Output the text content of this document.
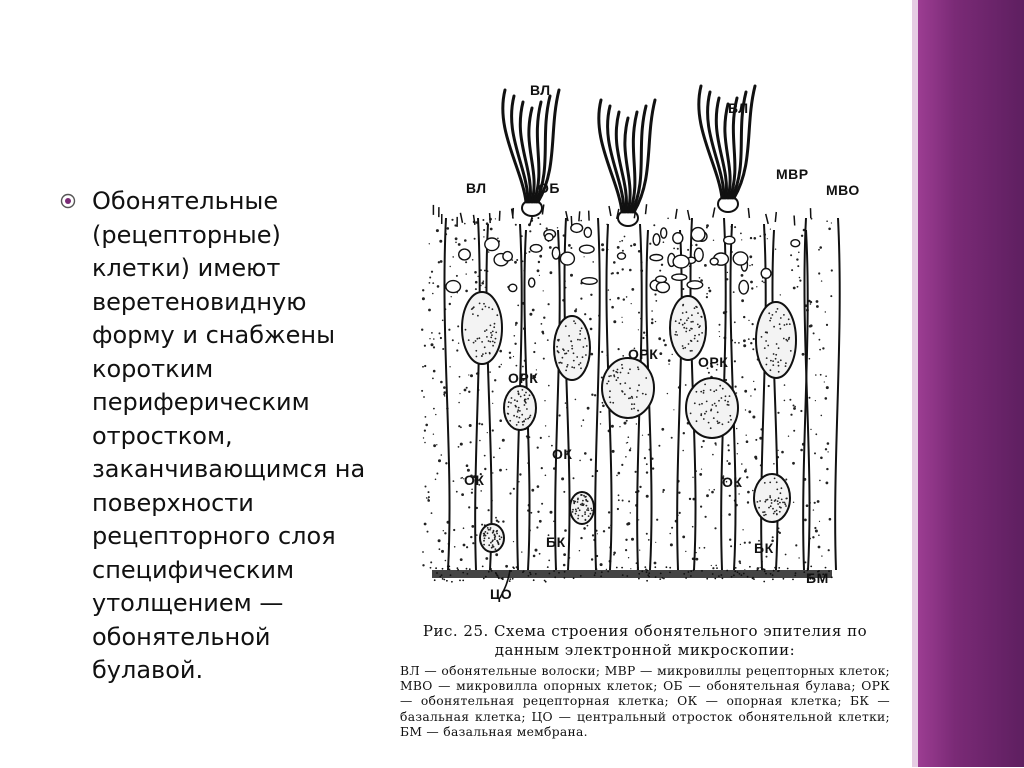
Обонятельные (рецепторные) клетки) имеют веретеновидную форму и снабжены коротким периферическим отростком, заканчивающимся на поверхности рецепторного слоя специфическим утолщением — обонятельной булавой.
ВЛ
ВЛ
ВЛ	ОБ
МВР
МВО
ОРК
ОРК	ОРК
ОК
ОК
ОК
БК	БК
БМ
ЦО
Рис. 25. Схема строения обонятельного эпителия по данным электронной микроскопии:
ВЛ — обонятельные волоски; МВР — микровиллы рецепторных клеток; МВО — микровилла опорных клеток; ОБ — обонятельная булава; ОРК — обонятельная рецепторная клетка; ОК — опорная клетка; БК — базальная клетка; ЦО — центральный отросток обонятельной клетки; БМ — базальная мембрана.
